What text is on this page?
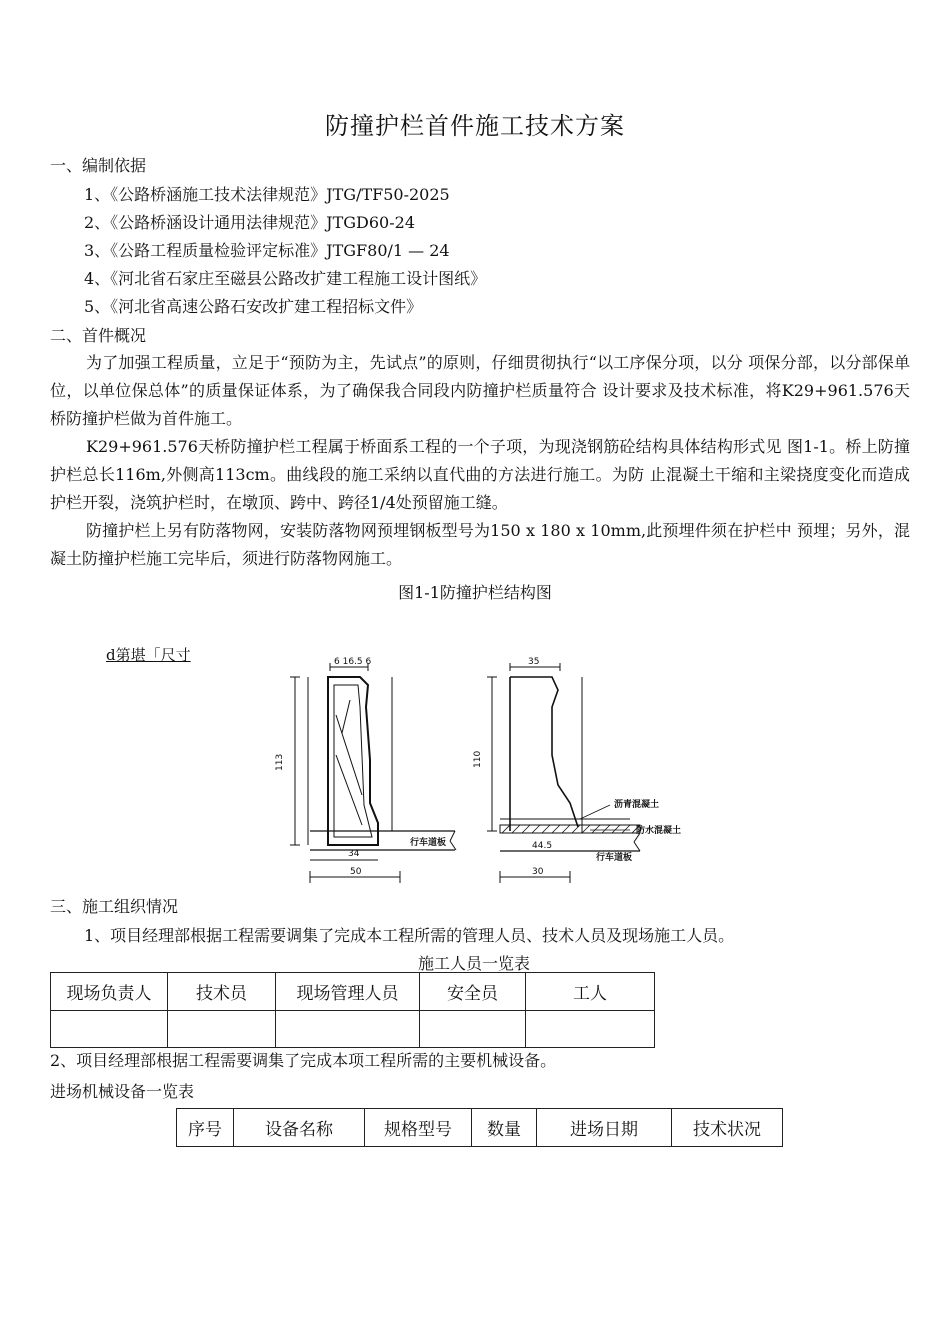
防撞护栏首件施工技术方案
一、编制依据
1、《公路桥涵施工技术法律规范》JTG/TF50-2025
2、《公路桥涵设计通用法律规范》JTGD60-24
3、《公路工程质量检验评定标准》JTGF80/1 — 24
4、《河北省石家庄至磁县公路改扩建工程施工设计图纸》
5、《河北省高速公路石安改扩建工程招标文件》
二、首件概况
为了加强工程质量，立足于“预防为主，先试点”的原则，仔细贯彻执行“以工序保分项，以分 项保分部，以分部保单位，以单位保总体”的质量保证体系，为了确保我合同段内防撞护栏质量符合 设计要求及技术标准，将K29+961.576天桥防撞护栏做为首件施工。
K29+961.576天桥防撞护栏工程属于桥面系工程的一个子项，为现浇钢筋砼结构具体结构形式见 图1-1。桥上防撞护栏总长116m,外侧高113cm。曲线段的施工采纳以直代曲的方法进行施工。为防 止混凝土干缩和主梁挠度变化而造成护栏开裂，浇筑护栏时，在墩顶、跨中、跨径1/4处预留施工缝。
防撞护栏上另有防落物网，安装防落物网预埋钢板型号为150 x 180 x 10mm,此预埋件须在护栏中 预埋；另外，混凝土防撞护栏施工完毕后，须进行防落物网施工。
图1-1防撞护栏结构图
d第堪「尺寸	6 16.5 6
113
34
50
行车道板
35
110
44.5
30
沥青混凝土
防水混凝土
行车道板
三、施工组织情况
1、项目经理部根据工程需要调集了完成本工程所需的管理人员、技术人员及现场施工人员。
施工人员一览表
现场负责人	技术员	现场管理人员	安全员	工人

2、项目经理部根据工程需要调集了完成本项工程所需的主要机械设备。
进场机械设备一览表
序号	设备名称	规格型号	数量	进场日期	技术状况
